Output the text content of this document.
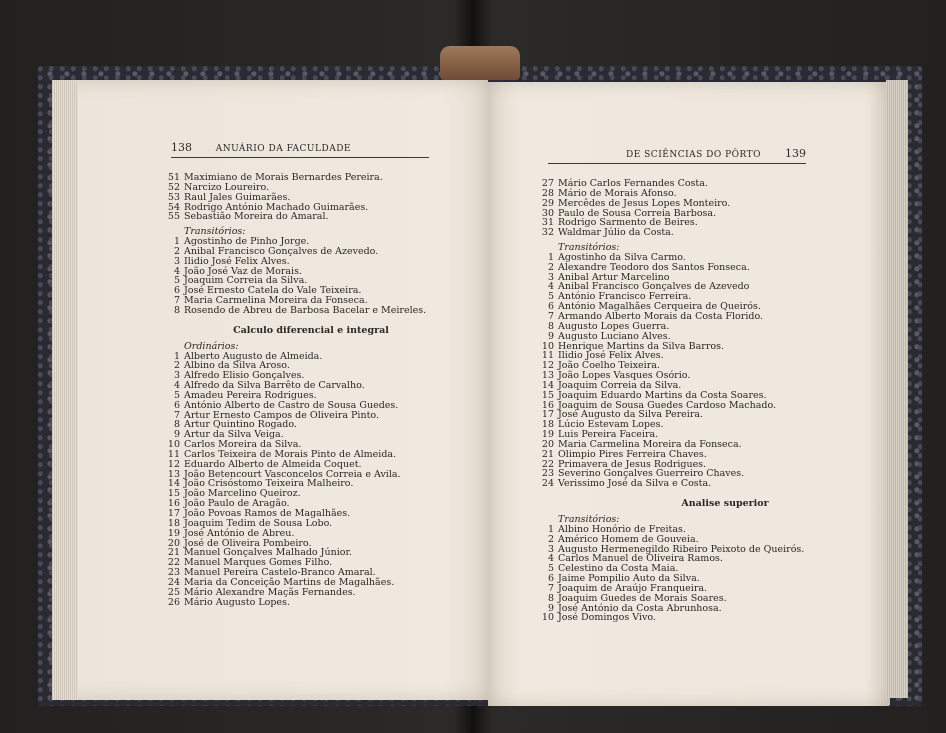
138	ANUÁRIO DA FACULDADE
51 Maximiano de Morais Bernardes Pereira.
52 Narcizo Loureiro.
53 Raul Jales Guimarães.
54 Rodrigo António Machado Guimarães.
55 Sebastião Moreira do Amaral.
Transitórios:
1 Agostinho de Pinho Jorge.
2 Anibal Francisco Gonçalves de Azevedo.
3 Ilidio José Felix Alves.
4 João José Vaz de Morais.
5 Joaquim Correia da Silva.
6 José Ernesto Catela do Vale Teixeira.
7 Maria Carmelina Moreira da Fonseca.
8 Rosendo de Abreu de Barbosa Bacelar e Meireles.
Calculo diferencial e integral
Ordinários:
1 Alberto Augusto de Almeida.
2 Albino da Silva Aroso.
3 Alfredo Elisio Gonçalves.
4 Alfredo da Silva Barrêto de Carvalho.
5 Amadeu Pereira Rodrigues.
6 António Alberto de Castro de Sousa Guedes.
7 Artur Ernesto Campos de Oliveira Pinto.
8 Artur Quintino Rogado.
9 Artur da Silva Veiga.
10 Carlos Moreira da Silva.
11 Carlos Teixeira de Morais Pinto de Almeida.
12 Eduardo Alberto de Almeida Coquet.
13 João Betencourt Vasconcelos Correia e Avila.
14 João Crisóstomo Teixeira Malheiro.
15 João Marcelino Queiroz.
16 João Paulo de Aragão.
17 João Povoas Ramos de Magalhães.
18 Joaquim Tedim de Sousa Lobo.
19 José António de Abreu.
20 José de Oliveira Pombeiro.
21 Manuel Gonçalves Malhado Júnior.
22 Manuel Marques Gomes Filho.
23 Manuel Pereira Castelo-Branco Amaral.
24 Maria da Conceição Martins de Magalhães.
25 Mário Alexandre Maçãs Fernandes.
26 Mário Augusto Lopes.
DE SCIÊNCIAS DO PÔRTO 139
27 Mário Carlos Fernandes Costa.
28 Mário de Morais Afonso.
29 Mercêdes de Jesus Lopes Monteiro.
30 Paulo de Sousa Correia Barbosa.
31 Rodrigo Sarmento de Beires.
32 Waldmar Júlio da Costa.
Transitórios:
1 Agostinho da Silva Carmo.
2 Alexandre Teodoro dos Santos Fonseca.
3 Anibal Artur Marcelino
4 Anibal Francisco Gonçalves de Azevedo
5 António Francisco Ferreira.
6 António Magalhães Cerqueira de Queirós.
7 Armando Alberto Morais da Costa Florido.
8 Augusto Lopes Guerra.
9 Augusto Luciano Alves.
10 Henrique Martins da Silva Barros.
11 Ilidio José Felix Alves.
12 João Coelho Teixeira.
13 João Lopes Vasques Osório.
14 Joaquim Correia da Silva.
15 Joaquim Eduardo Martins da Costa Soares.
16 Joaquim de Sousa Guedes Cardoso Machado.
17 José Augusto da Silva Pereira.
18 Lúcio Estevam Lopes.
19 Luis Pereira Faceira.
20 Maria Carmelina Moreira da Fonseca.
21 Olimpio Pires Ferreira Chaves.
22 Primavera de Jesus Rodrigues.
23 Severino Gonçalves Guerreiro Chaves.
24 Verissimo José da Silva e Costa.
Analise superior
Transitórios:
1 Albino Honório de Freitas.
2 Américo Homem de Gouveia.
3 Augusto Hermenegildo Ribeiro Peixoto de Queirós.
4 Carlos Manuel de Oliveira Ramos.
5 Celestino da Costa Maia.
6 Jaime Pompilio Auto da Silva.
7 Joaquim de Araújo Franqueira.
8 Joaquim Guedes de Morais Soares.
9 José António da Costa Abrunhosa.
10 José Domingos Vivo.
